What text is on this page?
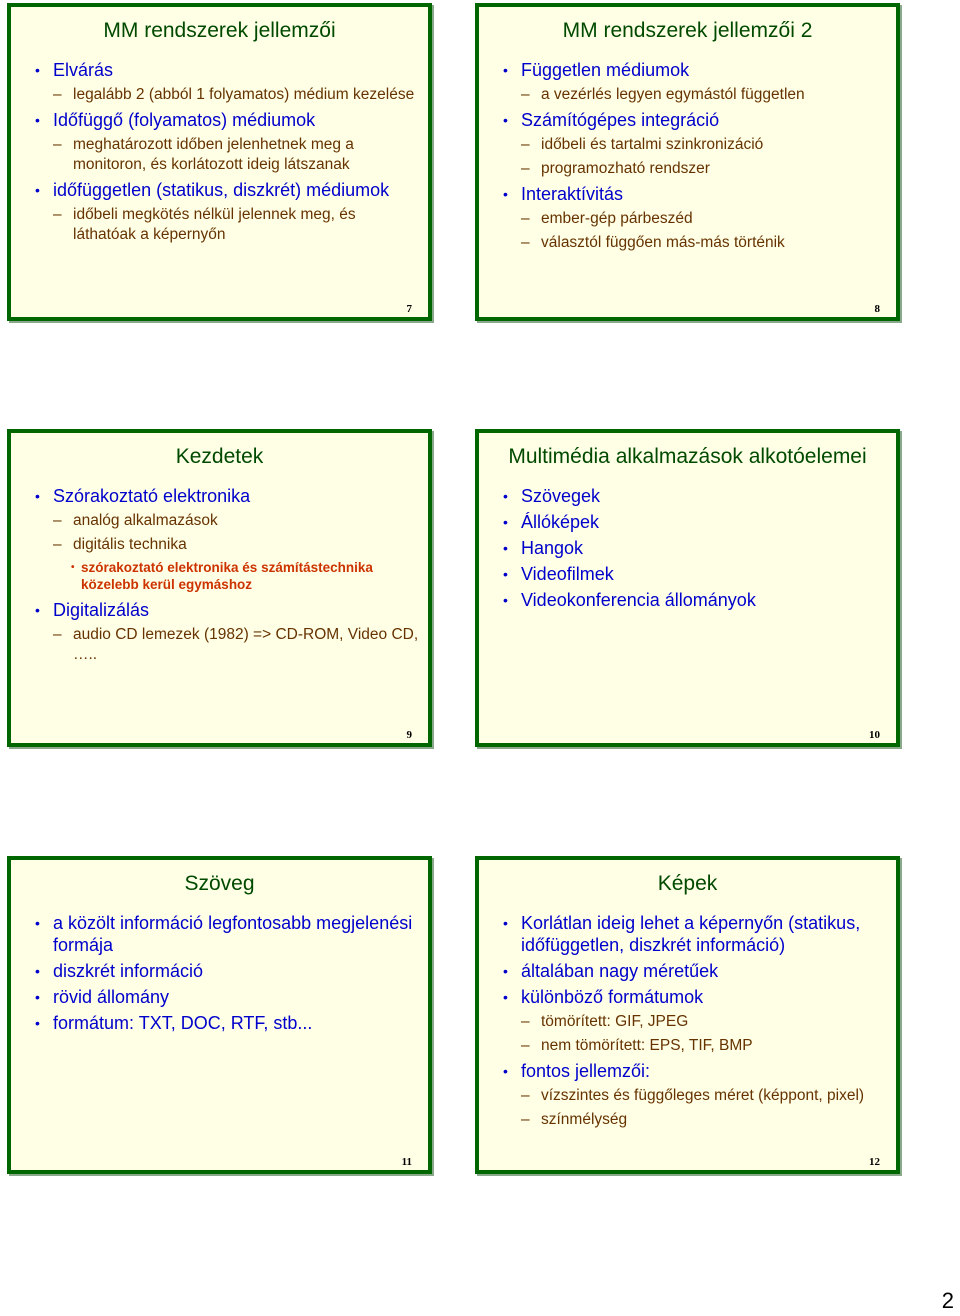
MM rendszerek jellemzői
• Elvárás
– legalább 2 (abból 1 folyamatos) médium kezelése
• Időfüggő (folyamatos) médiumok
– meghatározott időben jelenhetnek meg a monitoron, és korlátozott ideig látszanak
• időfüggetlen (statikus, diszkrét) médiumok
– időbeli megkötés nélkül jelennek meg, és láthatóak a képernyőn
7
MM rendszerek jellemzői 2
• Független médiumok
– a vezérlés legyen egymástól független
• Számítógépes integráció
– időbeli és tartalmi szinkronizáció
– programozható rendszer
• Interaktívitás
– ember-gép párbeszéd
– választól függően más-más történik
8
Kezdetek
• Szórakoztató elektronika
– analóg alkalmazások
– digitális technika
• szórakoztató elektronika és számítástechnika közelebb kerül egymáshoz
• Digitalizálás
– audio CD lemezek (1982) => CD-ROM, Video CD, …..
9
Multimédia alkalmazások alkotóelemei
• Szövegek
• Állóképek
• Hangok
• Videofilmek
• Videokonferencia állományok
10
Szöveg
• a közölt információ legfontosabb megjelenési formája
• diszkrét információ
• rövid állomány
• formátum: TXT, DOC, RTF, stb...
11
Képek
• Korlátlan ideig lehet a képernyőn (statikus, időfüggetlen, diszkrét információ)
• általában nagy méretűek
• különböző formátumok
– tömörített: GIF, JPEG
– nem tömörített: EPS, TIF, BMP
• fontos jellemzői:
– vízszintes és függőleges méret (képpont, pixel)
– színmélység
12
2
